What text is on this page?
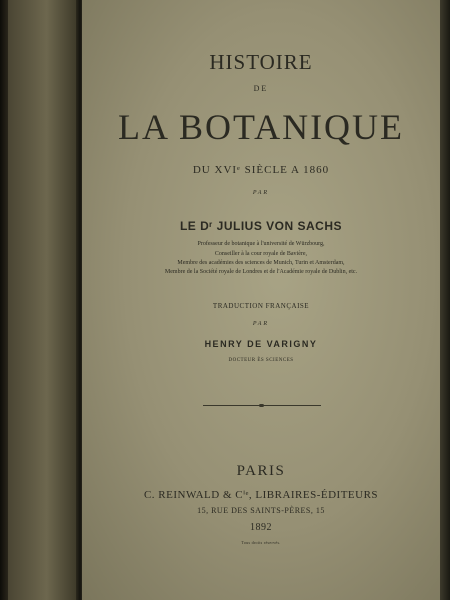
HISTOIRE

DE

LA BOTANIQUE

DU XVIᵉ SIÈCLE A 1860

PAR

LE Dʳ JULIUS VON SACHS

Professeur de botanique à l'université de Würzbourg,

Conseiller à la cour royale de Bavière,

Membre des académies des sciences de Munich, Turin et Amsterdam,

Membre de la Société royale de Londres et de l'Académie royale de Dublin, etc.

TRADUCTION FRANÇAISE

PAR

HENRY DE VARIGNY

DOCTEUR ÈS SCIENCES

PARIS

C. REINWALD & Cⁱᵉ, LIBRAIRES-ÉDITEURS

15, RUE DES SAINTS-PÈRES, 15

1892

Tous droits réservés.
